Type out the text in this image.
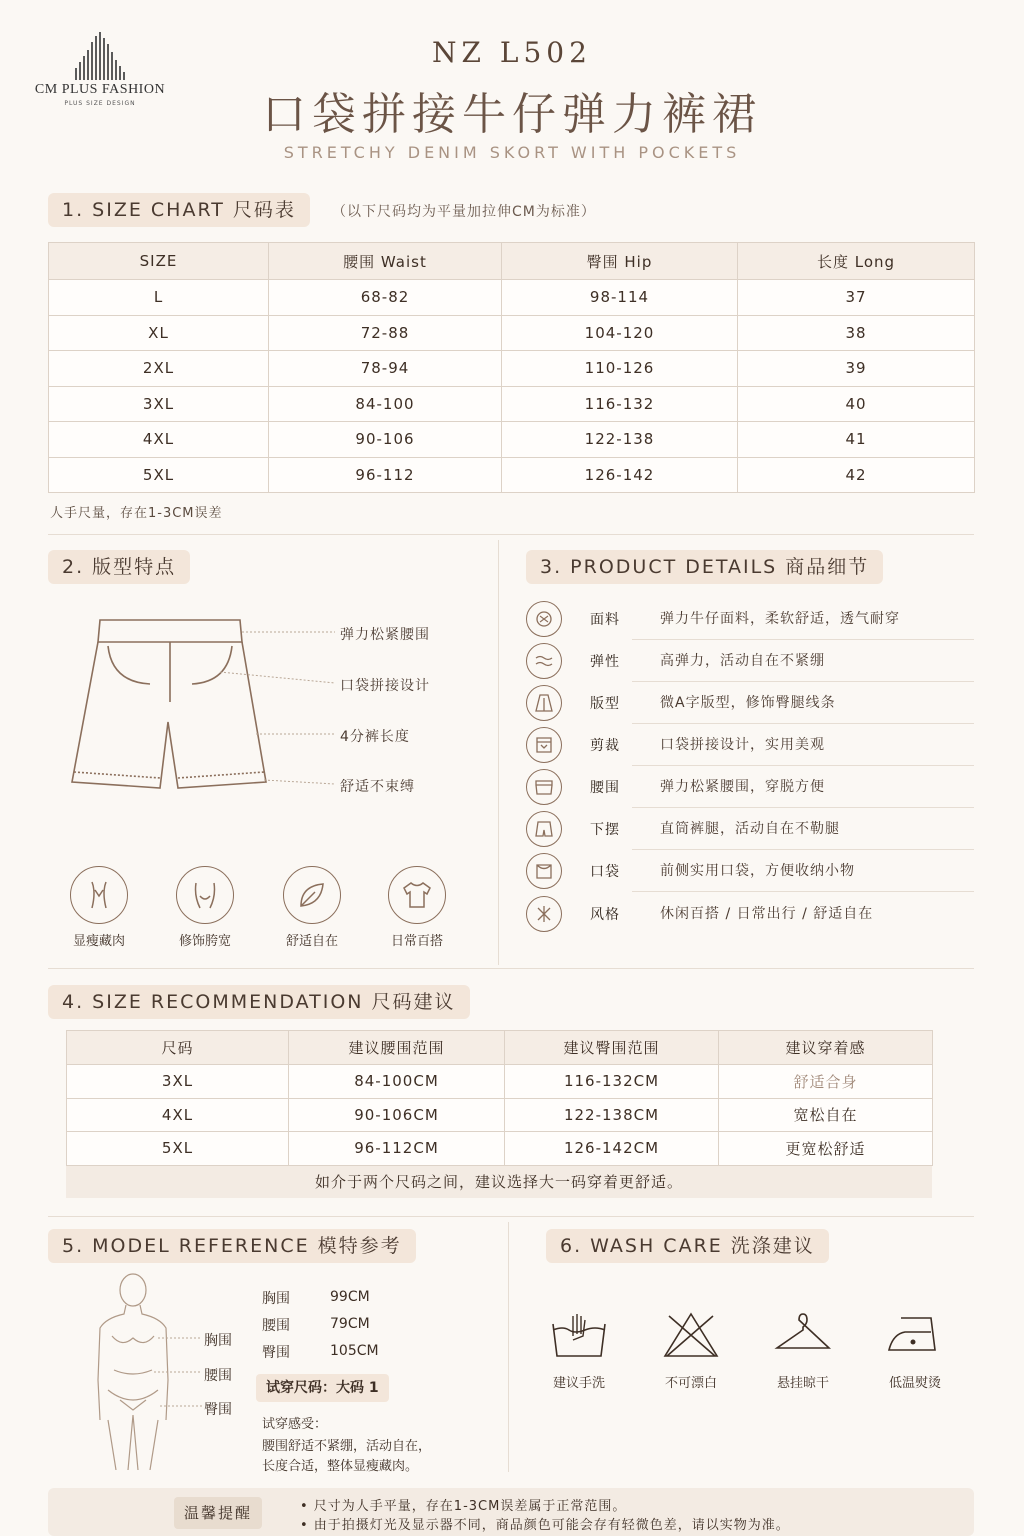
CM PLUS FASHION
PLUS SIZE DESIGN
NZ L502
口袋拼接牛仔弹力裤裙
STRETCHY DENIM SKORT WITH POCKETS
1. SIZE CHART 尺码表	（以下尺码均为平量加拉伸CM为标准）
SIZE	腰围 Waist	臀围 Hip	长度 Long
L	68-82	98-114	37
XL	72-88	104-120	38
2XL	78-94	110-126	39
3XL	84-100	116-132	40
4XL	90-106	122-138	41
5XL	96-112	126-142	42
人手尺量，存在1-3CM误差
2. 版型特点
弹力松紧腰围
口袋拼接设计
4分裤长度
舒适不束缚
显瘦藏肉	修饰胯宽	舒适自在	日常百搭
3. PRODUCT DETAILS 商品细节
面料	弹力牛仔面料，柔软舒适，透气耐穿
弹性	高弹力，活动自在不紧绷
版型	微A字版型，修饰臀腿线条
剪裁	口袋拼接设计，实用美观
腰围	弹力松紧腰围，穿脱方便
下摆	直筒裤腿，活动自在不勒腿
口袋	前侧实用口袋，方便收纳小物
风格	休闲百搭 / 日常出行 / 舒适自在
4. SIZE RECOMMENDATION 尺码建议
尺码	建议腰围范围	建议臀围范围	建议穿着感
3XL	84-100CM	116-132CM	舒适合身
4XL	90-106CM	122-138CM	宽松自在
5XL	96-112CM	126-142CM	更宽松舒适
如介于两个尺码之间，建议选择大一码穿着更舒适。
5. MODEL REFERENCE 模特参考
胸围
腰围
臀围
胸围	99CM
腰围	79CM
臀围	105CM
试穿尺码：大码 1
试穿感受：
腰围舒适不紧绷，活动自在，
长度合适，整体显瘦藏肉。
6. WASH CARE 洗涤建议
建议手洗	不可漂白	悬挂晾干	低温熨烫
温馨提醒	• 尺寸为人手平量，存在1-3CM误差属于正常范围。
• 由于拍摄灯光及显示器不同，商品颜色可能会存有轻微色差，请以实物为准。
